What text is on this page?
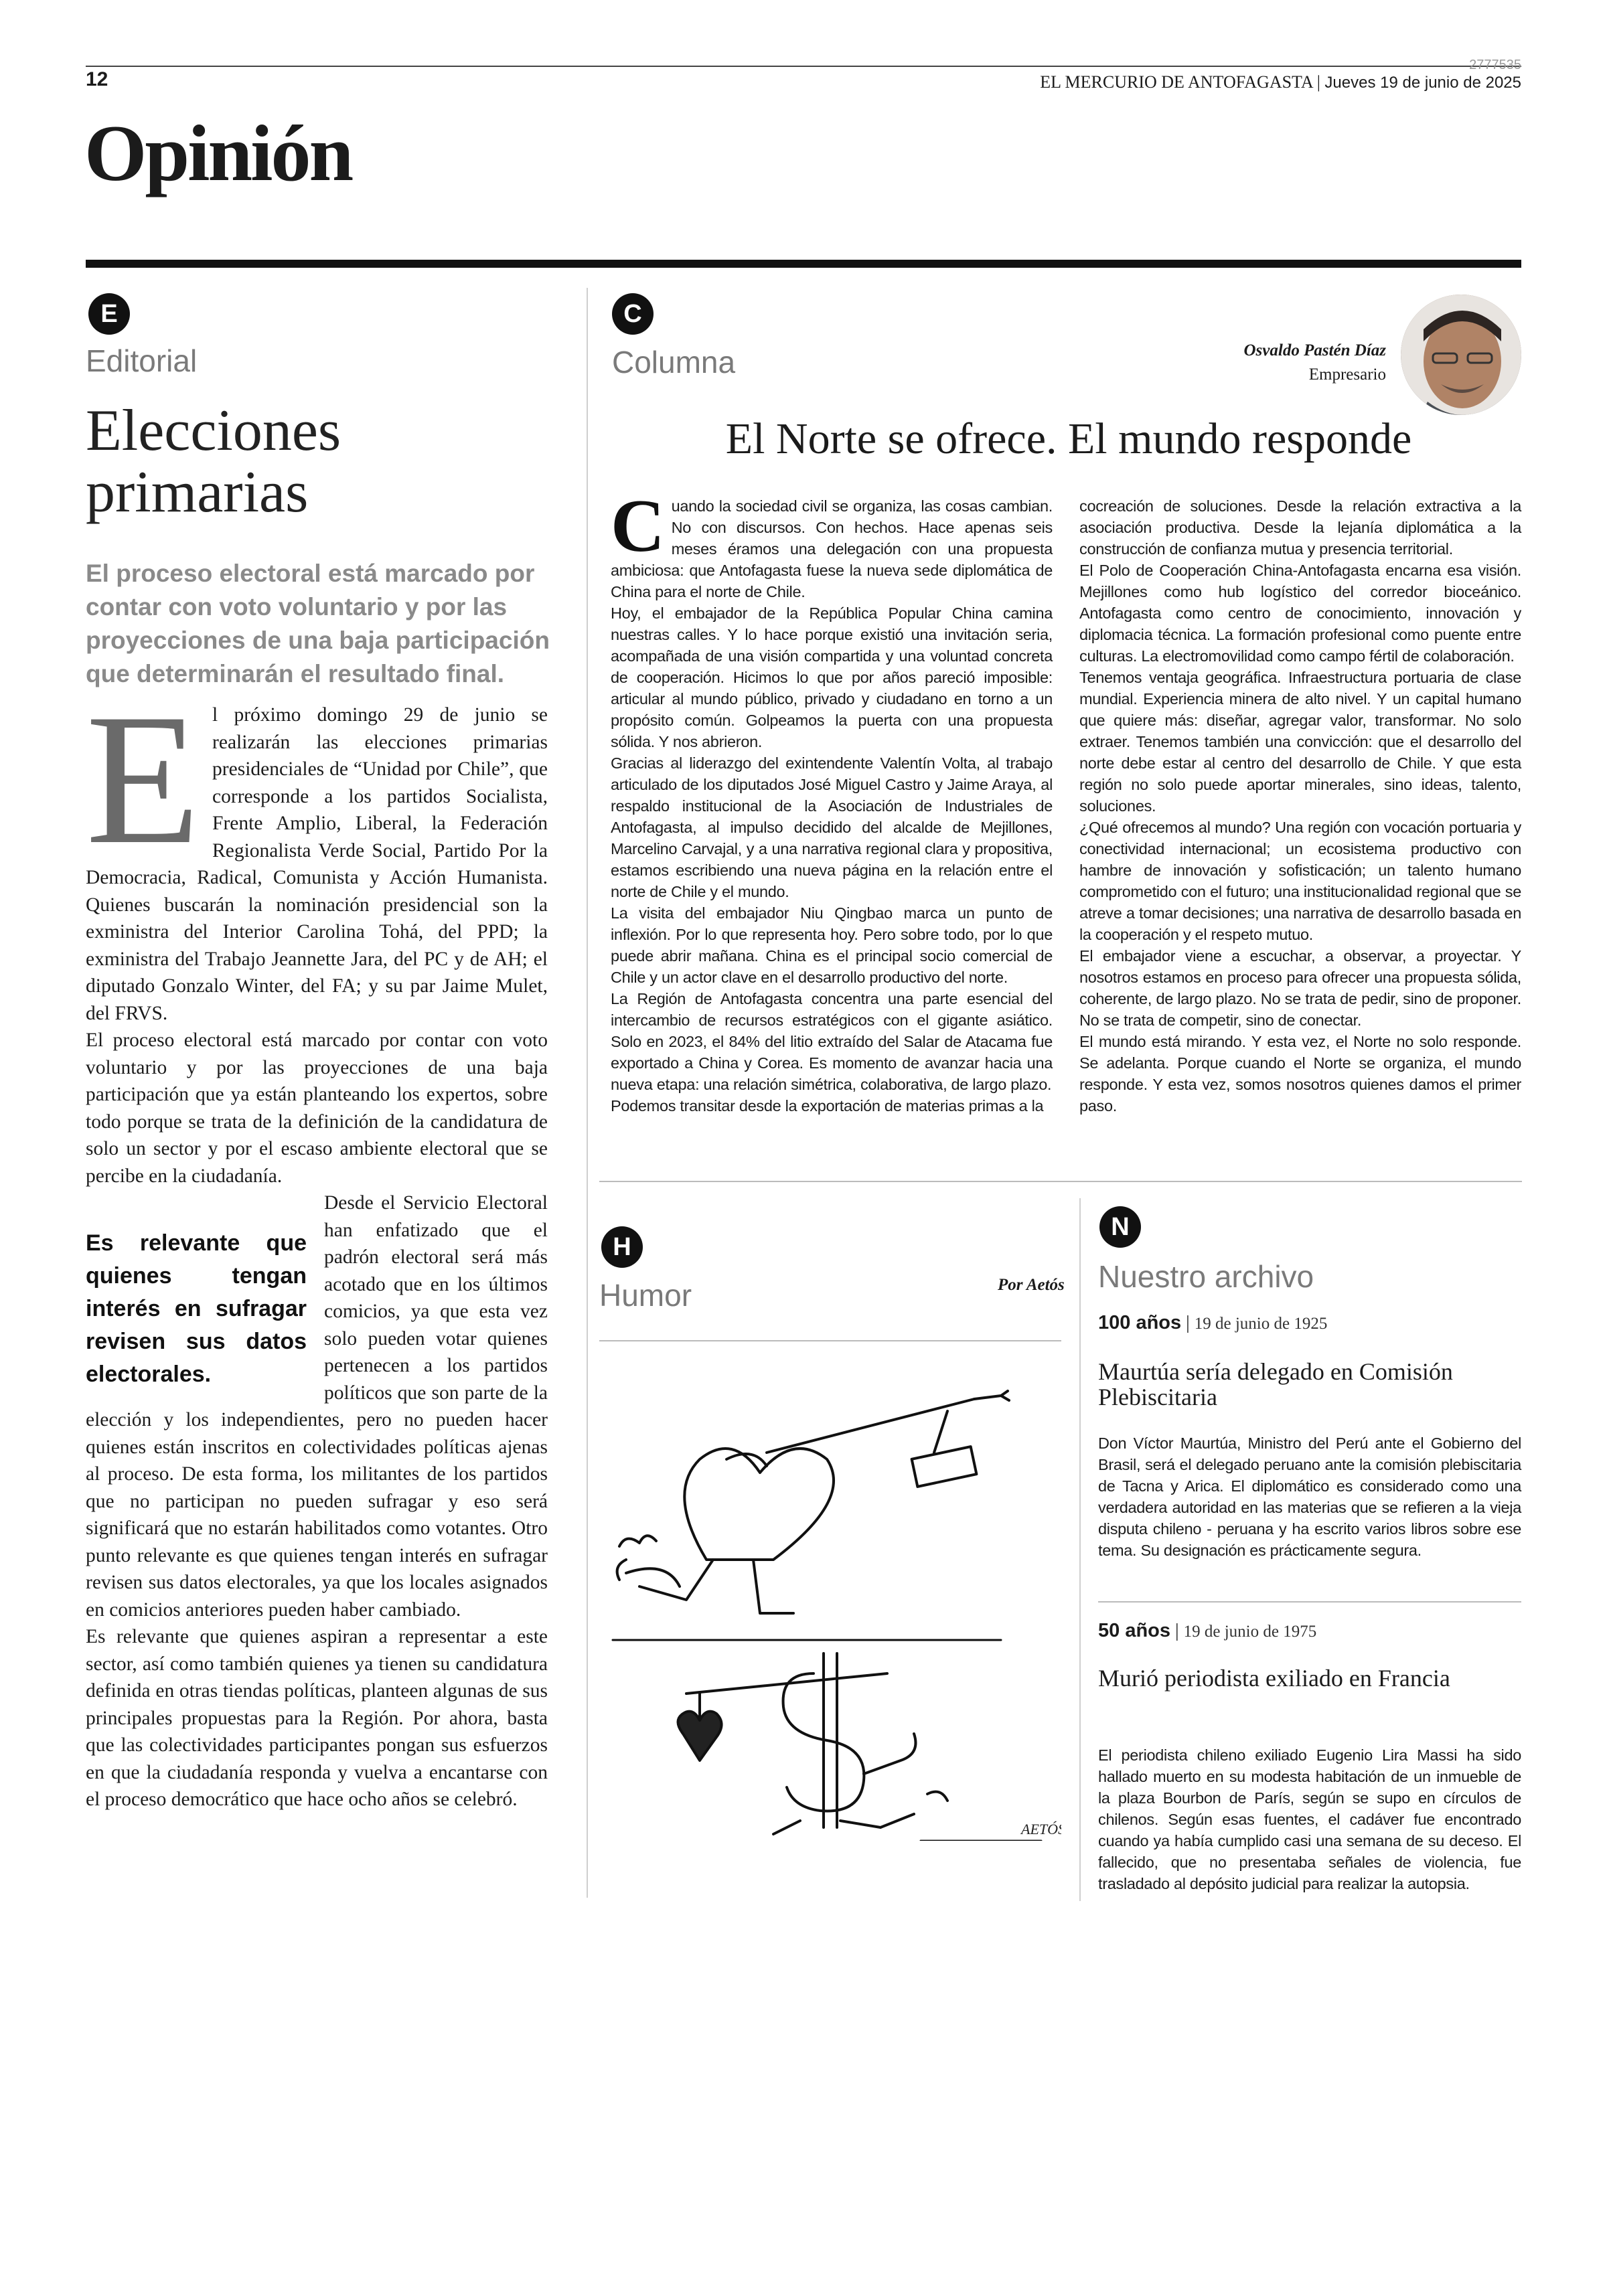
12
2777535
EL MERCURIO DE ANTOFAGASTA | Jueves 19 de junio de 2025
Opinión
E
Editorial
Elecciones primarias
El proceso electoral está marcado por contar con voto voluntario y por las proyecciones de una baja participación que determinarán el resultado final.
E l próximo domingo 29 de junio se realizarán las elecciones primarias presidenciales de “Unidad por Chile”, que corresponde a los partidos Socialista, Frente Amplio, Liberal, la Federación Regionalista Verde Social, Partido Por la Democracia, Radical, Comunista y Acción Humanista. Quienes buscarán la nominación presidencial son la exministra del Interior Carolina Tohá, del PPD; la exministra del Trabajo Jeannette Jara, del PC y de AH; el diputado Gonzalo Winter, del FA; y su par Jaime Mulet, del FRVS.

El proceso electoral está marcado por contar con voto voluntario y por las proyecciones de una baja participación que ya están planteando los expertos, sobre todo porque se trata de la definición de la candidatura de solo un sector y por el escaso ambiente electoral que se percibe en la ciudadanía.

Es relevante que quienes tengan interés en sufragar revisen sus datos electorales.

Desde el Servicio Electoral han enfatizado que el padrón electoral será más acotado que en los últimos comicios, ya que esta vez solo pueden votar quienes pertenecen a los partidos políticos que son parte de la elección y los independientes, pero no pueden hacer quienes están inscritos en colectividades políticas ajenas al proceso. De esta forma, los militantes de los partidos que no participan no pueden sufragar y eso será significará que no estarán habilitados como votantes. Otro punto relevante es que quienes tengan interés en sufragar revisen sus datos electorales, ya que los locales asignados en comicios anteriores pueden haber cambiado.

Es relevante que quienes aspiran a representar a este sector, así como también quienes ya tienen su candidatura definida en otras tiendas políticas, planteen algunas de sus principales propuestas para la Región. Por ahora, basta que las colectividades participantes pongan sus esfuerzos en que la ciudadanía responda y vuelva a encantarse con el proceso democrático que hace ocho años se celebró.

C
Columna	Osvaldo Pastén Díaz
Empresario
El Norte se ofrece. El mundo responde
C uando la sociedad civil se organiza, las cosas cambian. No con discursos. Con hechos. Hace apenas seis meses éramos una delegación con una propuesta ambiciosa: que Antofagasta fuese la nueva sede diplomática de China para el norte de Chile.

Hoy, el embajador de la República Popular China camina nuestras calles. Y lo hace porque existió una invitación seria, acompañada de una visión compartida y una voluntad concreta de cooperación. Hicimos lo que por años pareció imposible: articular al mundo público, privado y ciudadano en torno a un propósito común. Golpeamos la puerta con una propuesta sólida. Y nos abrieron.

Gracias al liderazgo del exintendente Valentín Volta, al trabajo articulado de los diputados José Miguel Castro y Jaime Araya, al respaldo institucional de la Asociación de Industriales de Antofagasta, al impulso decidido del alcalde de Mejillones, Marcelino Carvajal, y a una narrativa regional clara y propositiva, estamos escribiendo una nueva página en la relación entre el norte de Chile y el mundo.

La visita del embajador Niu Qingbao marca un punto de inflexión. Por lo que representa hoy. Pero sobre todo, por lo que puede abrir mañana. China es el principal socio comercial de Chile y un actor clave en el desarrollo productivo del norte.

La Región de Antofagasta concentra una parte esencial del intercambio de recursos estratégicos con el gigante asiático. Solo en 2023, el 84% del litio extraído del Salar de Atacama fue exportado a China y Corea. Es momento de avanzar hacia una nueva etapa: una relación simétrica, colaborativa, de largo plazo.

Podemos transitar desde la exportación de materias primas a la

cocreación de soluciones. Desde la relación extractiva a la asociación productiva. Desde la lejanía diplomática a la construcción de confianza mutua y presencia territorial.

El Polo de Cooperación China-Antofagasta encarna esa visión. Mejillones como hub logístico del corredor bioceánico. Antofagasta como centro de conocimiento, innovación y diplomacia técnica. La formación profesional como puente entre culturas. La electromovilidad como campo fértil de colaboración.

Tenemos ventaja geográfica. Infraestructura portuaria de clase mundial. Experiencia minera de alto nivel. Y un capital humano que quiere más: diseñar, agregar valor, transformar. No solo extraer. Tenemos también una convicción: que el desarrollo del norte debe estar al centro del desarrollo de Chile. Y que esta región no solo puede aportar minerales, sino ideas, talento, soluciones.

¿Qué ofrecemos al mundo? Una región con vocación portuaria y conectividad internacional; un ecosistema productivo con hambre de innovación y sofisticación; un talento humano comprometido con el futuro; una institucionalidad regional que se atreve a tomar decisiones; una narrativa de desarrollo basada en la cooperación y el respeto mutuo.

El embajador viene a escuchar, a observar, a proyectar. Y nosotros estamos en proceso para ofrecer una propuesta sólida, coherente, de largo plazo. No se trata de pedir, sino de proponer. No se trata de competir, sino de conectar.

El mundo está mirando. Y esta vez, el Norte no solo responde. Se adelanta. Porque cuando el Norte se organiza, el mundo responde. Y esta vez, somos nosotros quienes damos el primer paso.

H
Humor	Por Aetós
AETÓS
N
Nuestro archivo
100 años | 19 de junio de 1925
Maurtúa sería delegado en Comisión Plebiscitaria
Don Víctor Maurtúa, Ministro del Perú ante el Gobierno del Brasil, será el delegado peruano ante la comisión plebiscitaria de Tacna y Arica. El diplomático es considerado como una verdadera autoridad en las materias que se refieren a la vieja disputa chileno - peruana y ha escrito varios libros sobre ese tema. Su designación es prácticamente segura.
50 años | 19 de junio de 1975
Murió periodista exiliado en Francia
El periodista chileno exiliado Eugenio Lira Massi ha sido hallado muerto en su modesta habitación de un inmueble de la plaza Bourbon de París, según se supo en círculos de chilenos. Según esas fuentes, el cadáver fue encontrado cuando ya había cumplido casi una semana de su deceso. El fallecido, que no presentaba señales de violencia, fue trasladado al depósito judicial para realizar la autopsia.
